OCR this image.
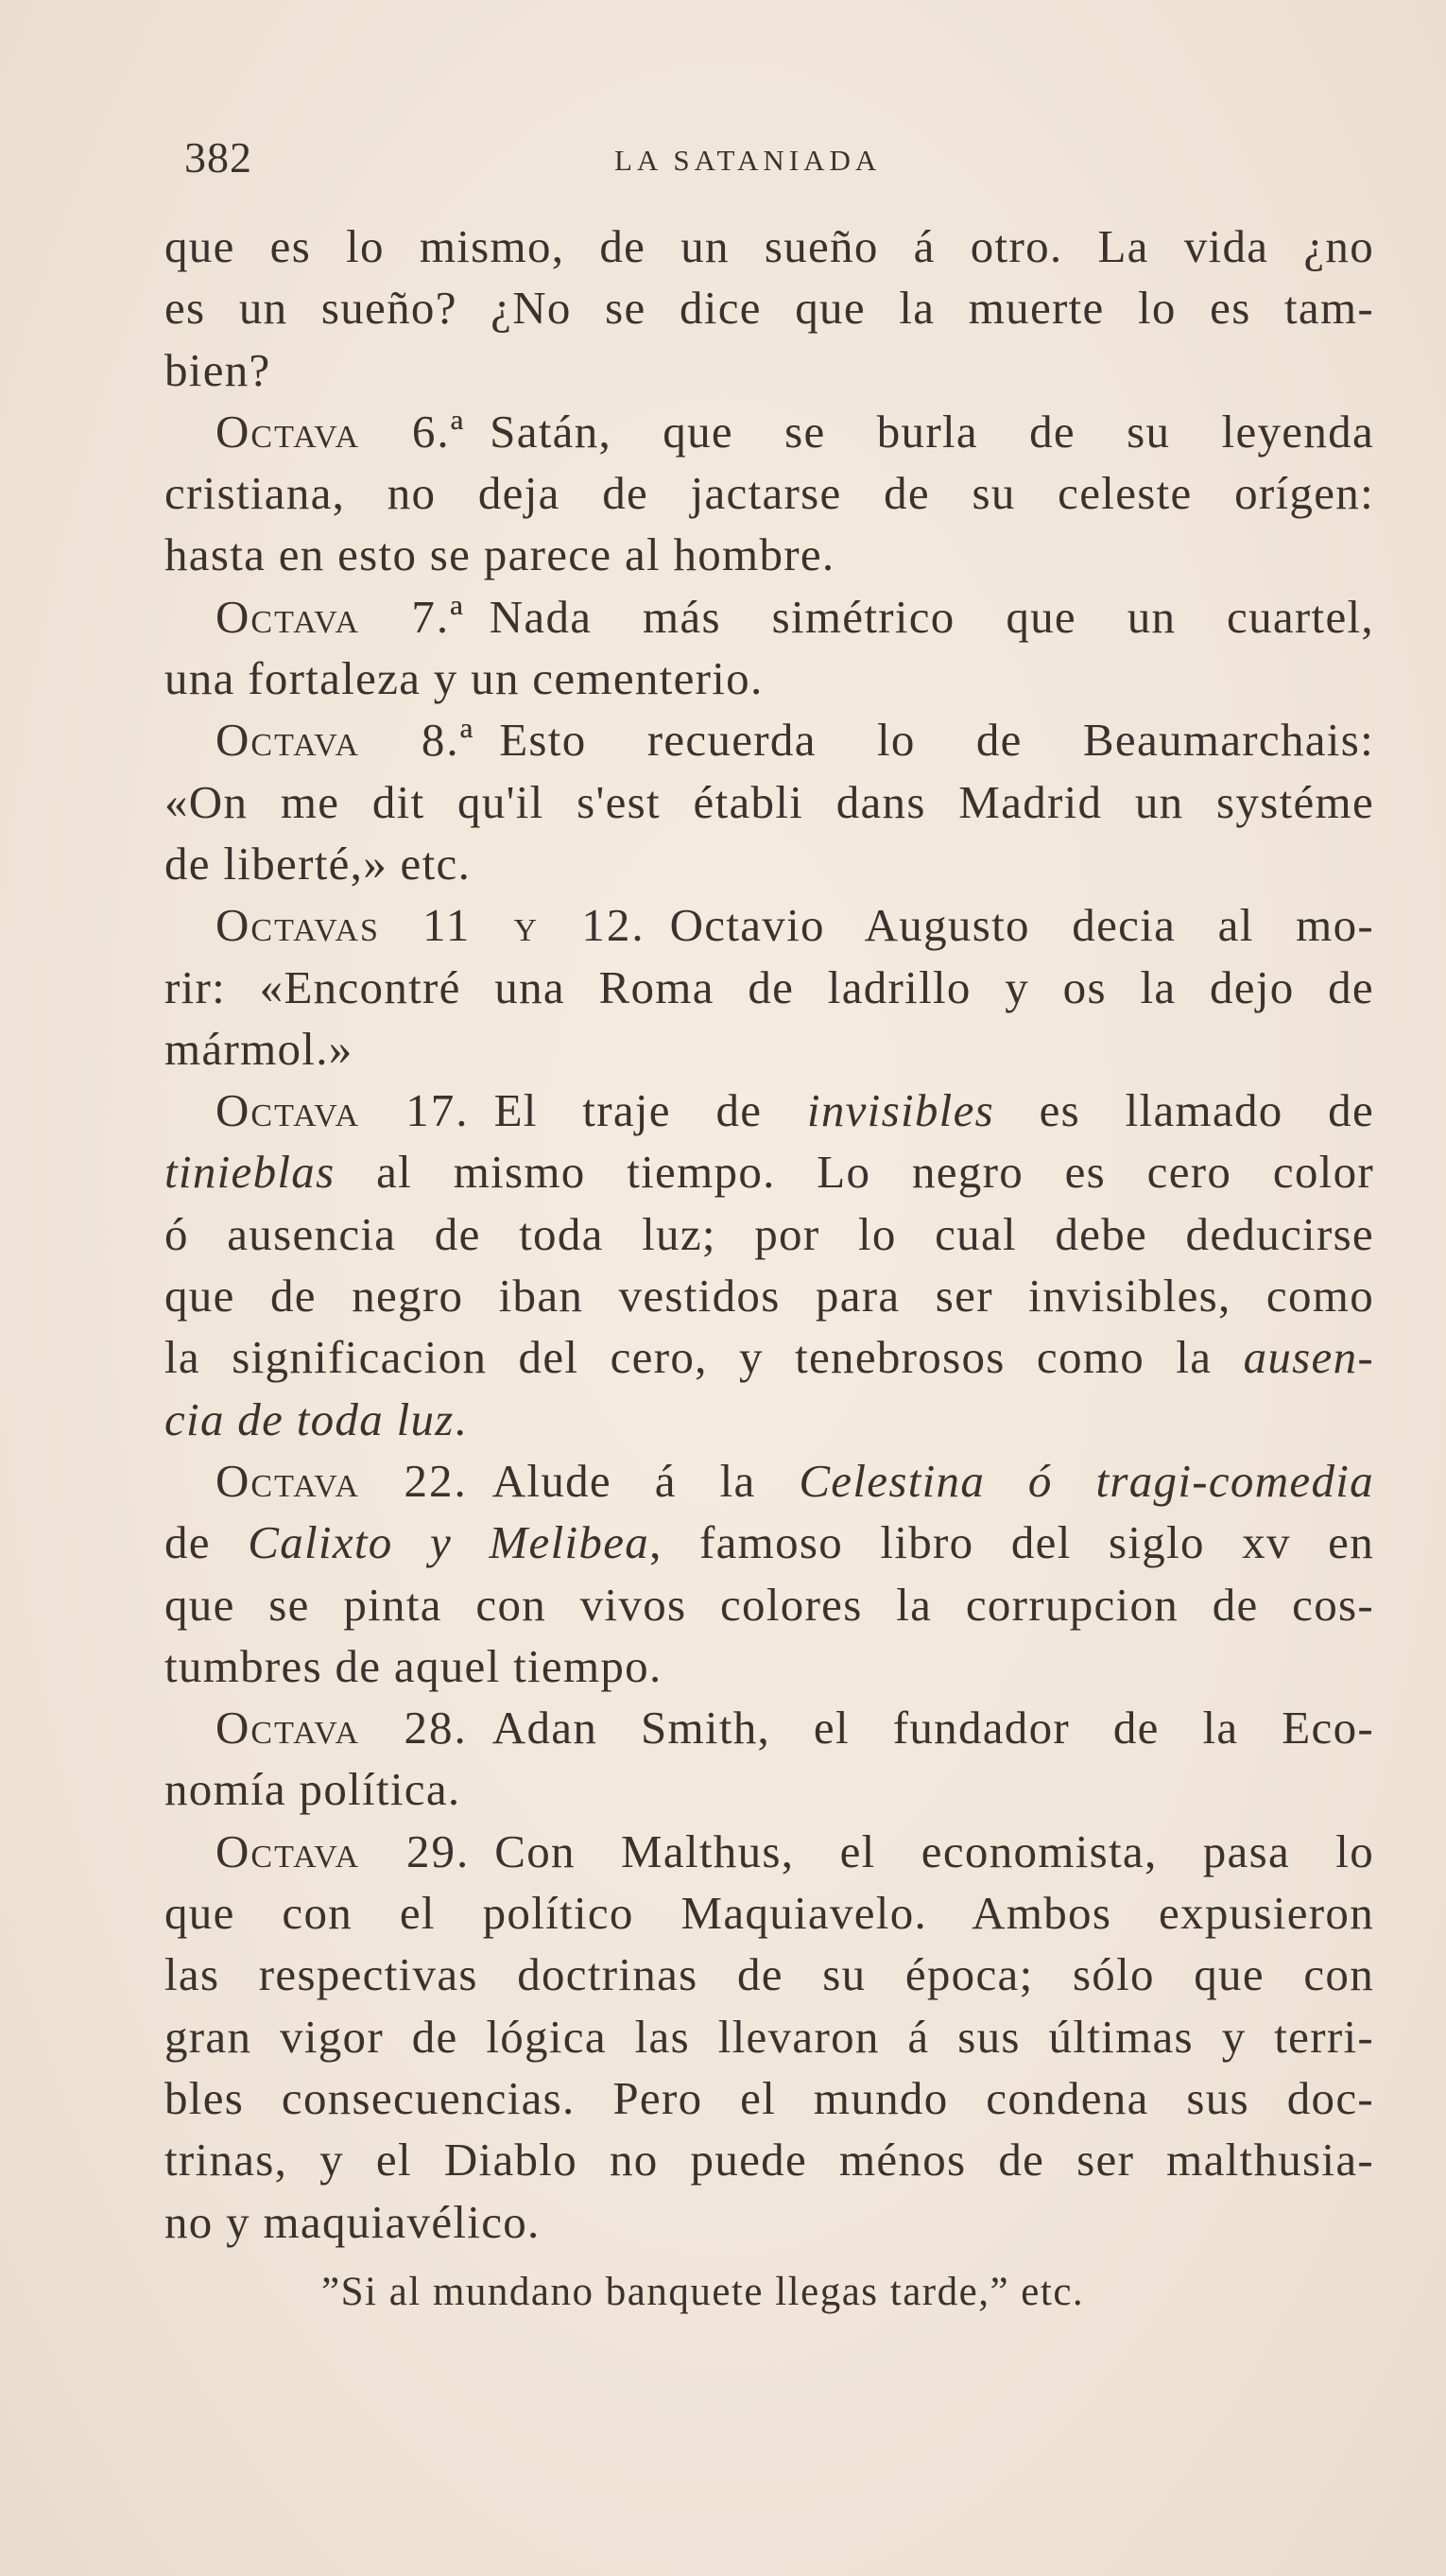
382	LA SATANIADA
que es lo mismo, de un sueño á otro. La vida ¿no
es un sueño? ¿No se dice que la muerte lo es tam-
bien?
Octava 6.ª Satán, que se burla de su leyenda
cristiana, no deja de jactarse de su celeste orígen:
hasta en esto se parece al hombre.
Octava 7.ª Nada más simétrico que un cuartel,
una fortaleza y un cementerio.
Octava 8.ª Esto recuerda lo de Beaumarchais:
«On me dit qu'il s'est établi dans Madrid un systéme
de liberté,» etc.
Octavas 11 y 12. Octavio Augusto decia al mo-
rir: «Encontré una Roma de ladrillo y os la dejo de
mármol.»
Octava 17. El traje de invisibles es llamado de
tinieblas al mismo tiempo. Lo negro es cero color
ó ausencia de toda luz; por lo cual debe deducirse
que de negro iban vestidos para ser invisibles, como
la significacion del cero, y tenebrosos como la ausen-
cia de toda luz.
Octava 22. Alude á la Celestina ó tragi-comedia
de Calixto y Melibea, famoso libro del siglo xv en
que se pinta con vivos colores la corrupcion de cos-
tumbres de aquel tiempo.
Octava 28. Adan Smith, el fundador de la Eco-
nomía política.
Octava 29. Con Malthus, el economista, pasa lo
que con el político Maquiavelo. Ambos expusieron
las respectivas doctrinas de su época; sólo que con
gran vigor de lógica las llevaron á sus últimas y terri-
bles consecuencias. Pero el mundo condena sus doc-
trinas, y el Diablo no puede ménos de ser malthusia-
no y maquiavélico.
”Si al mundano banquete llegas tarde,” etc.
